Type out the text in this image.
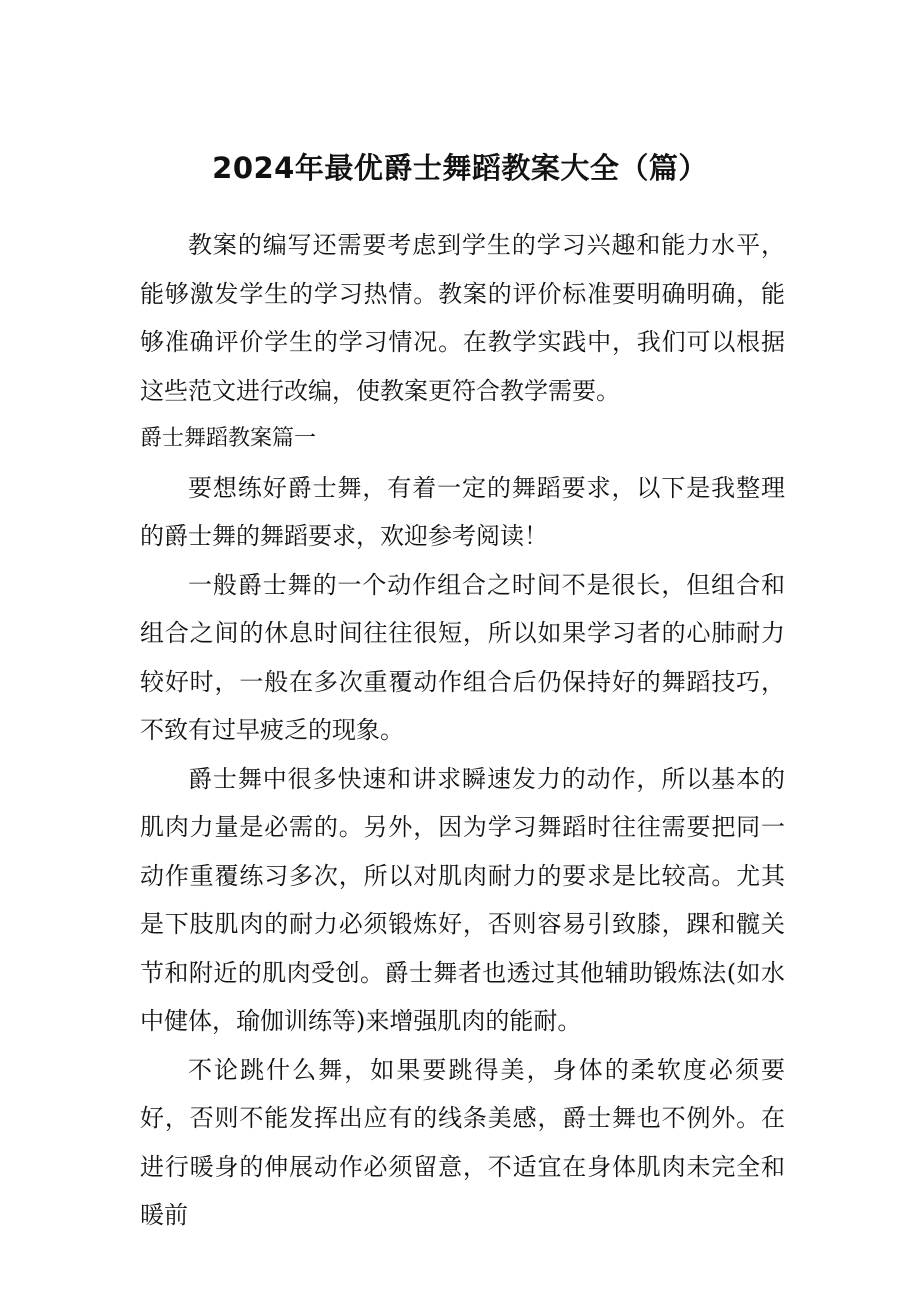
2024年最优爵士舞蹈教案大全（篇）

教案的编写还需要考虑到学生的学习兴趣和能力水平，能够激发学生的学习热情。教案的评价标准要明确明确，能够准确评价学生的学习情况。在教学实践中，我们可以根据这些范文进行改编，使教案更符合教学需要。

爵士舞蹈教案篇一

要想练好爵士舞，有着一定的舞蹈要求，以下是我整理的爵士舞的舞蹈要求，欢迎参考阅读！

一般爵士舞的一个动作组合之时间不是很长，但组合和组合之间的休息时间往往很短，所以如果学习者的心肺耐力较好时，一般在多次重覆动作组合后仍保持好的舞蹈技巧，不致有过早疲乏的现象。

爵士舞中很多快速和讲求瞬速发力的动作，所以基本的肌肉力量是必需的。另外，因为学习舞蹈时往往需要把同一动作重覆练习多次，所以对肌肉耐力的要求是比较高。尤其是下肢肌肉的耐力必须锻炼好，否则容易引致膝，踝和髋关节和附近的肌肉受创。爵士舞者也透过其他辅助锻炼法(如水中健体，瑜伽训练等)来增强肌肉的能耐。

不论跳什么舞，如果要跳得美，身体的柔软度必须要好，否则不能发挥出应有的线条美感，爵士舞也不例外。在进行暖身的伸展动作必须留意，不适宜在身体肌肉未完全和暖前
